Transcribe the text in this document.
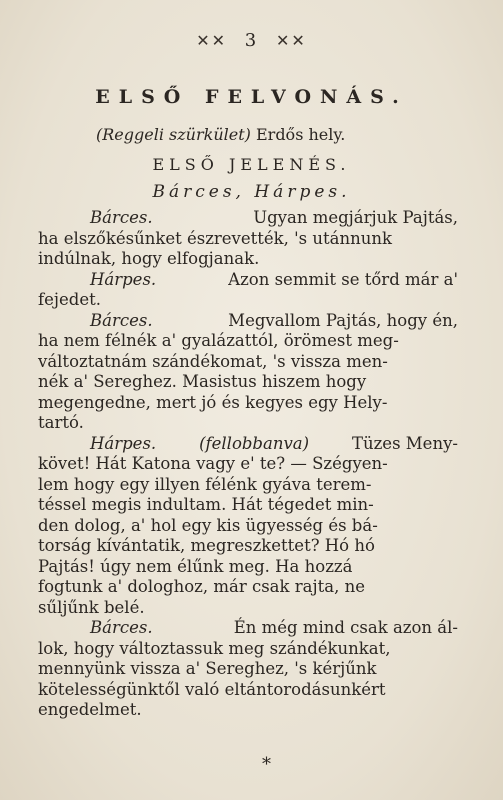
✕✕ 3 ✕✕
ELSŐ FELVONÁS.
(Reggeli szürkület) Erdős hely.
ELSŐ JELENÉS.
Bárces, Hárpes.
Bárces.	Ugyan megjárjuk Pajtás,
ha elszőkésűnket észrevették, 's utánnunk
indúlnak, hogy elfogjanak.
Hárpes.	Azon semmit se tőrd már a'
fejedet.
Bárces.	Megvallom Pajtás, hogy én,
ha nem félnék a' gyalázattól, örömest meg-
változtatnám szándékomat, 's vissza men-
nék a' Sereghez. Masistus hiszem hogy
megengedne, mert jó és kegyes egy Hely-
tartó.
Hárpes.	(fellobbanva)	Tüzes Meny-
követ! Hát Katona vagy e' te? — Szégyen-
lem hogy egy illyen félénk gyáva terem-
téssel megis indultam. Hát tégedet min-
den dolog, a' hol egy kis ügyesség és bá-
torság kívántatik, megreszkettet? Hó hó
Pajtás! úgy nem élűnk meg. Ha hozzá
fogtunk a' dologhoz, már csak rajta, ne
sűljűnk belé.
Bárces.	Én még mind csak azon ál-
lok, hogy változtassuk meg szándékunkat,
mennyünk vissza a' Sereghez, 's kérjűnk
kötelességünktől való eltántorodásunkért
engedelmet.
*
